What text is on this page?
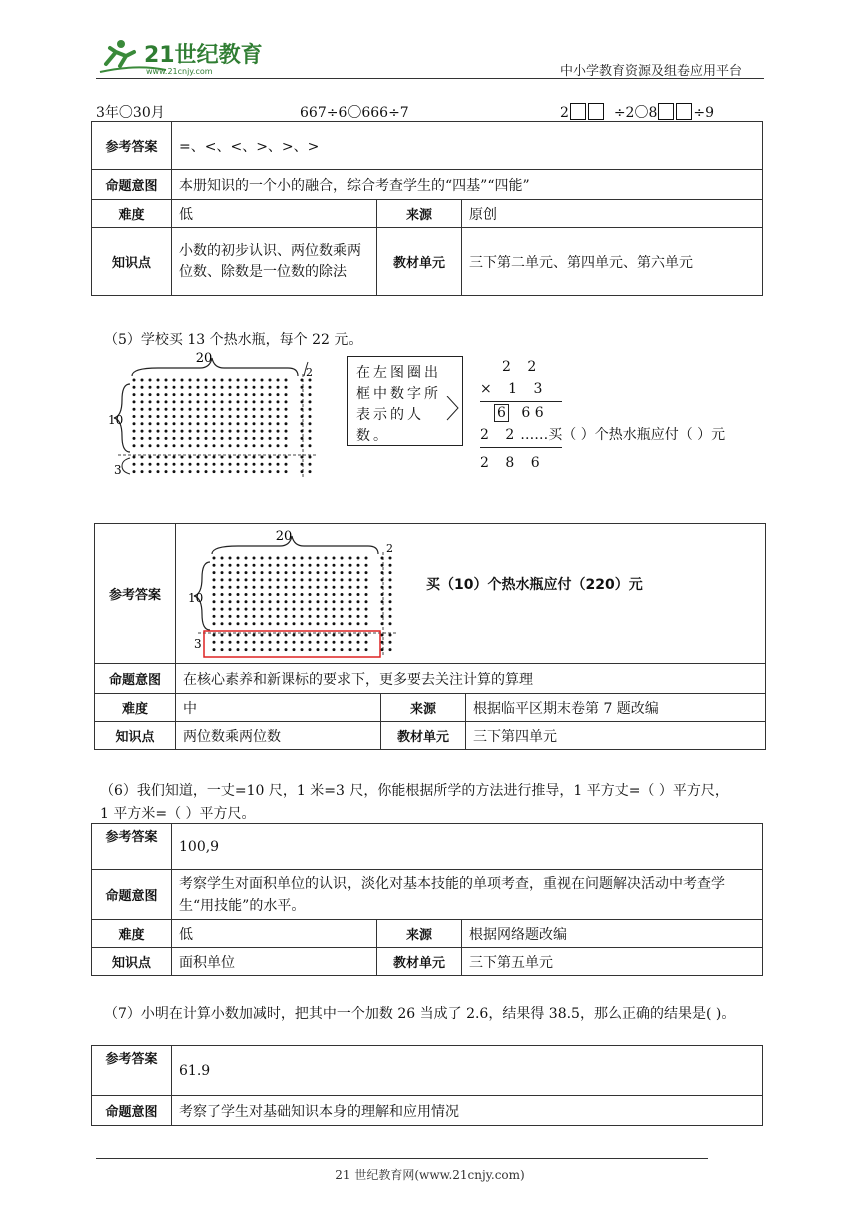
21世纪教育
www.21cnjy.com	中小学教育资源及组卷应用平台
3年〇30月	667÷6〇666÷7	2	÷2〇8	÷9
参考答案	=、<、<、>、>、>		
命题意图	本册知识的一个小的融合，综合考查学生的“四基”“四能”		
难度	低	来源	原创
知识点	小数的初步认识、两位数乘两位数、除数是一位数的除法	教材单元	三下第二单元、第四单元、第六单元
（5）学校买 13 个热水瓶，每个 22 元。
20
2
10
3
在左图圈出框中数字所表示的人数。
2 2
× 1 3
6 6 6
2 2……买（ ）个热水瓶应付（ ）元
2 8 6
参考答案	20
2
10
3
买（10）个热水瓶应付（220）元		

命题意图	在核心素养和新课标的要求下，更多要去关注计算的算理		
难度	中	来源	根据临平区期末卷第 7 题改编
知识点	两位数乘两位数	教材单元	三下第四单元
（6）我们知道，一丈=10 尺，1 米=3 尺，你能根据所学的方法进行推导，1 平方丈=（ ）平方尺，
1 平方米=（ ）平方尺。
参考答案	100,9		
命题意图	考察学生对面积单位的认识，淡化对基本技能的单项考查，重视在问题解决活动中考查学生“用技能”的水平。		
难度	低	来源	根据网络题改编
知识点	面积单位	教材单元	三下第五单元
（7）小明在计算小数加减时，把其中一个加数 26 当成了 2.6，结果得 38.5，那么正确的结果是( )。
参考答案	61.9
命题意图	考察了学生对基础知识本身的理解和应用情况
21 世纪教育网(www.21cnjy.com)
